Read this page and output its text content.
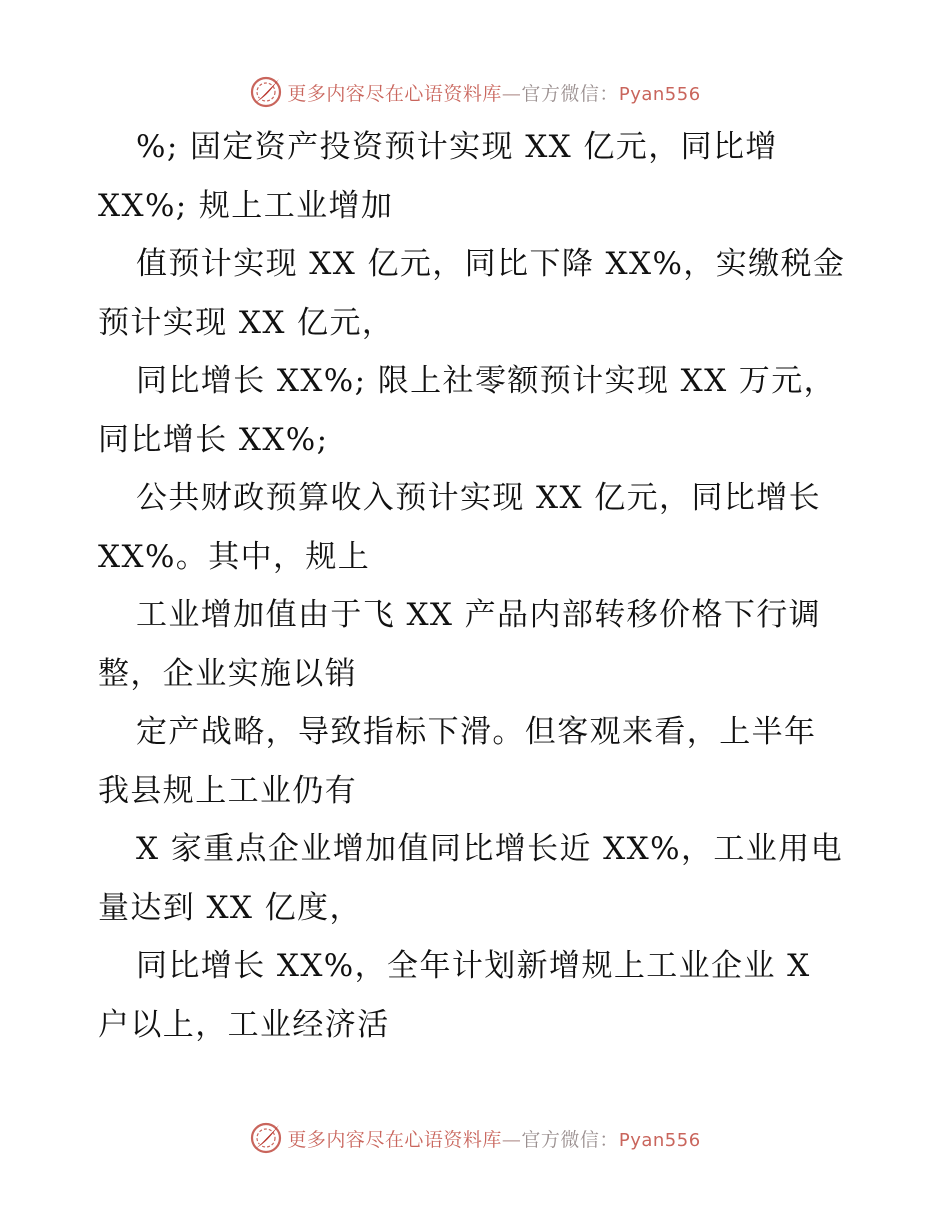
更多内容尽在心语资料库—官方微信：Pyan556
%; 固定资产投资预计实现 XX 亿元，同比增
XX%; 规上工业增加
值预计实现 XX 亿元，同比下降 XX%，实缴税金
预计实现 XX 亿元，
同比增长 XX%; 限上社零额预计实现 XX 万元，
同比增长 XX%;
公共财政预算收入预计实现 XX 亿元，同比增长
XX%。其中，规上
工业增加值由于飞 XX 产品内部转移价格下行调
整，企业实施以销
定产战略，导致指标下滑。但客观来看，上半年
我县规上工业仍有
X 家重点企业增加值同比增长近 XX%，工业用电
量达到 XX 亿度，
同比增长 XX%，全年计划新增规上工业企业 X
户以上，工业经济活
更多内容尽在心语资料库—官方微信：Pyan556
